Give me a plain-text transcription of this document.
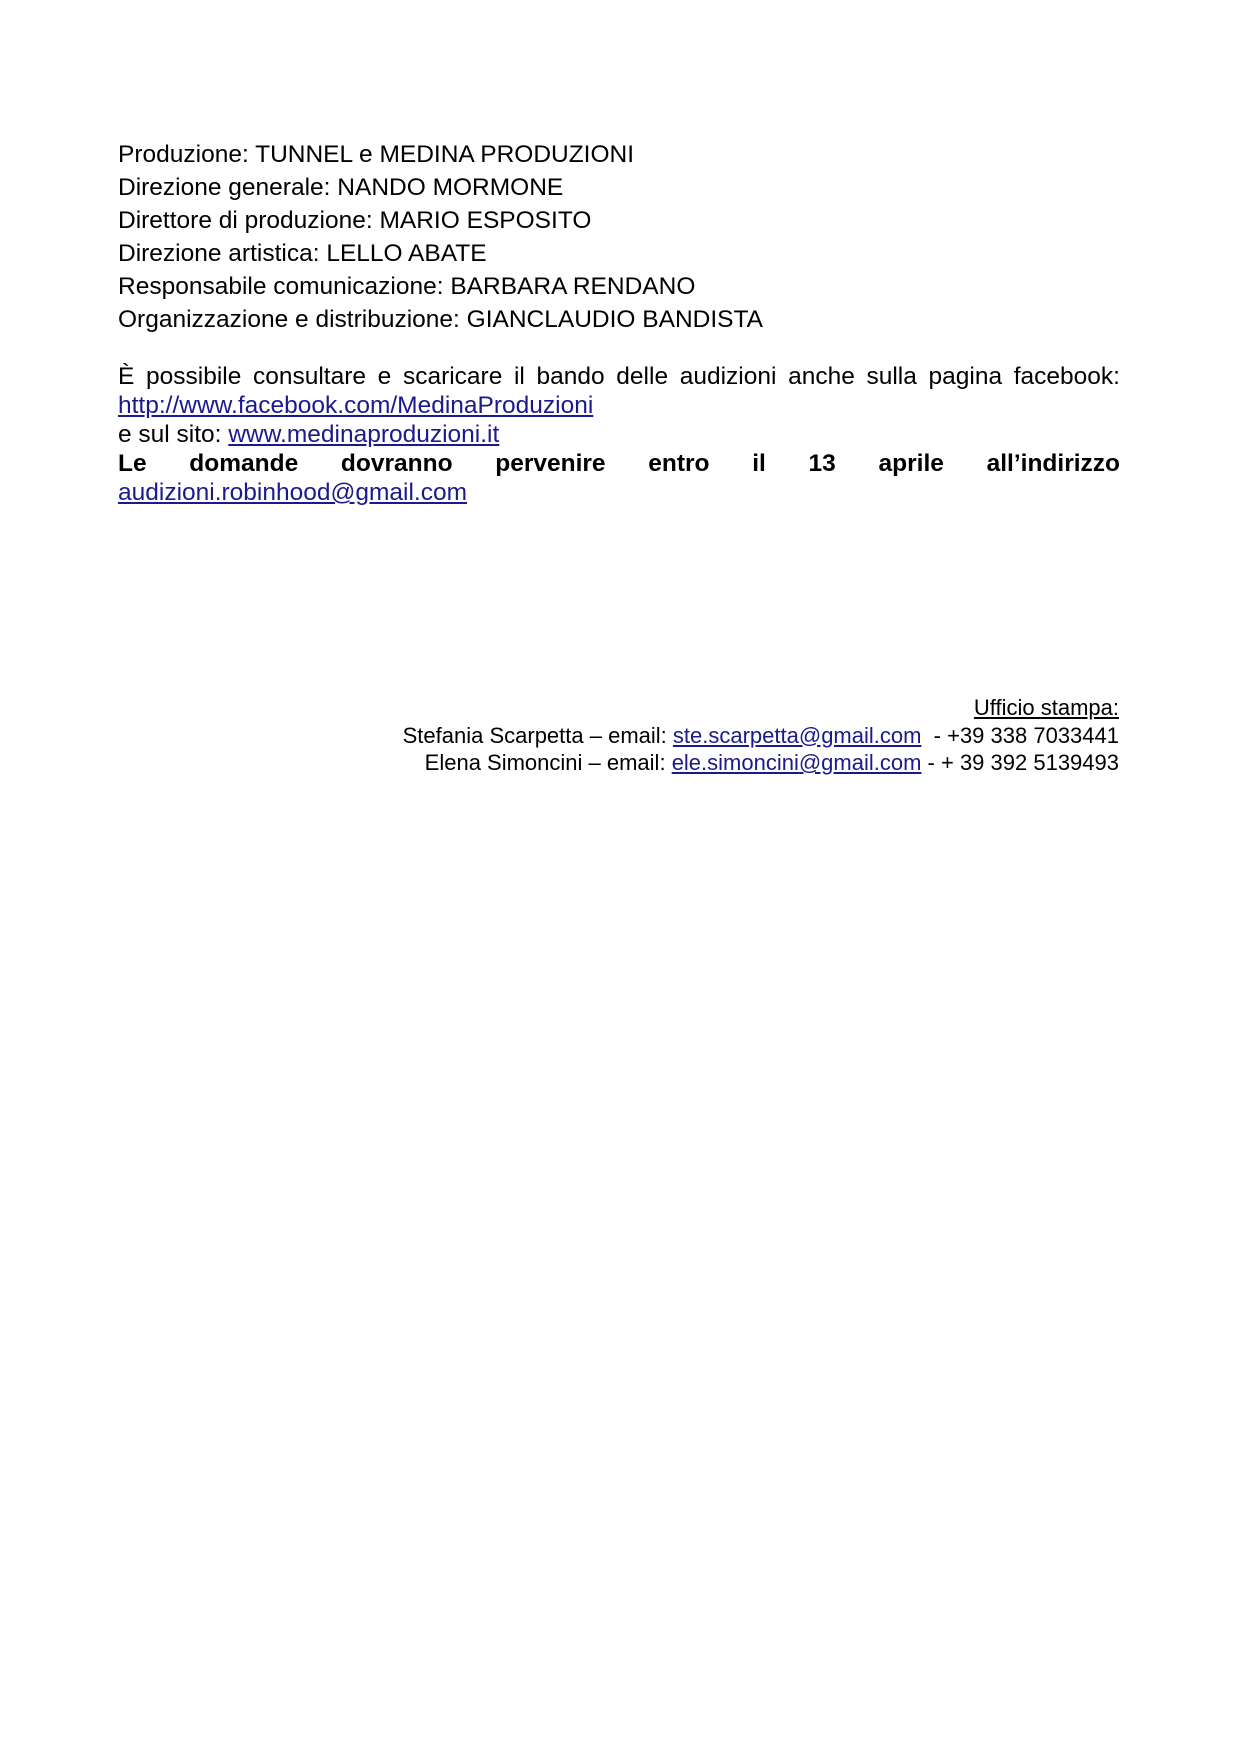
Produzione: TUNNEL e MEDINA PRODUZIONI
Direzione generale: NANDO MORMONE
Direttore di produzione: MARIO ESPOSITO
Direzione artistica: LELLO ABATE
Responsabile comunicazione: BARBARA RENDANO
Organizzazione e distribuzione: GIANCLAUDIO BANDISTA
È possibile consultare e scaricare il bando delle audizioni anche sulla pagina facebook:
http://www.facebook.com/MedinaProduzioni
e sul sito: www.medinaproduzioni.it
Le domande dovranno pervenire entro il 13 aprile all’indirizzo
audizioni.robinhood@gmail.com
Ufficio stampa:
Stefania Scarpetta – email: ste.scarpetta@gmail.com  - +39 338 7033441
Elena Simoncini – email: ele.simoncini@gmail.com - + 39 392 5139493
